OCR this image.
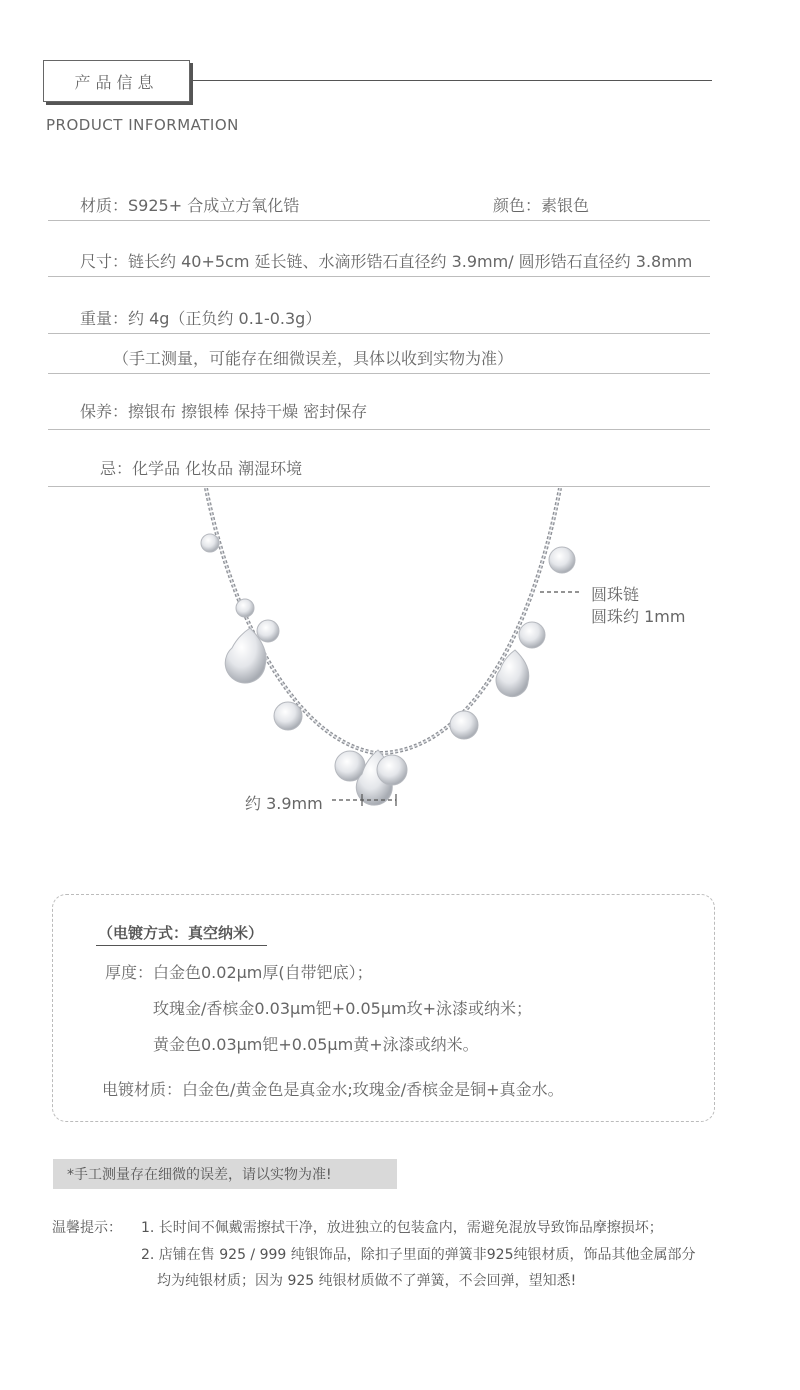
产品信息
PRODUCT INFORMATION
材质：S925+ 合成立方氧化锆	颜色：素银色
尺寸：链长约 40+5cm 延长链、水滴形锆石直径约 3.9mm/ 圆形锆石直径约 3.8mm
重量：约 4g（正负约 0.1-0.3g）
（手工测量，可能存在细微误差，具体以收到实物为准）
保养：擦银布 擦银棒 保持干燥 密封保存
忌：化学品 化妆品 潮湿环境
圆珠链
圆珠约 1mm
约 3.9mm
（电镀方式：真空纳米）
厚度：白金色0.02μm厚(自带钯底）；
玫瑰金/香槟金0.03μm钯+0.05μm玫+泳漆或纳米；
黄金色0.03μm钯+0.05μm黄+泳漆或纳米。
电镀材质：白金色/黄金色是真金水;玫瑰金/香槟金是铜+真金水。
*手工测量存在细微的误差，请以实物为准!
温馨提示： 1. 长时间不佩戴需擦拭干净，放进独立的包装盒内，需避免混放导致饰品摩擦损坏；
2. 店铺在售 925 / 999 纯银饰品，除扣子里面的弹簧非925纯银材质，饰品其他金属部分
均为纯银材质；因为 925 纯银材质做不了弹簧，不会回弹，望知悉!
